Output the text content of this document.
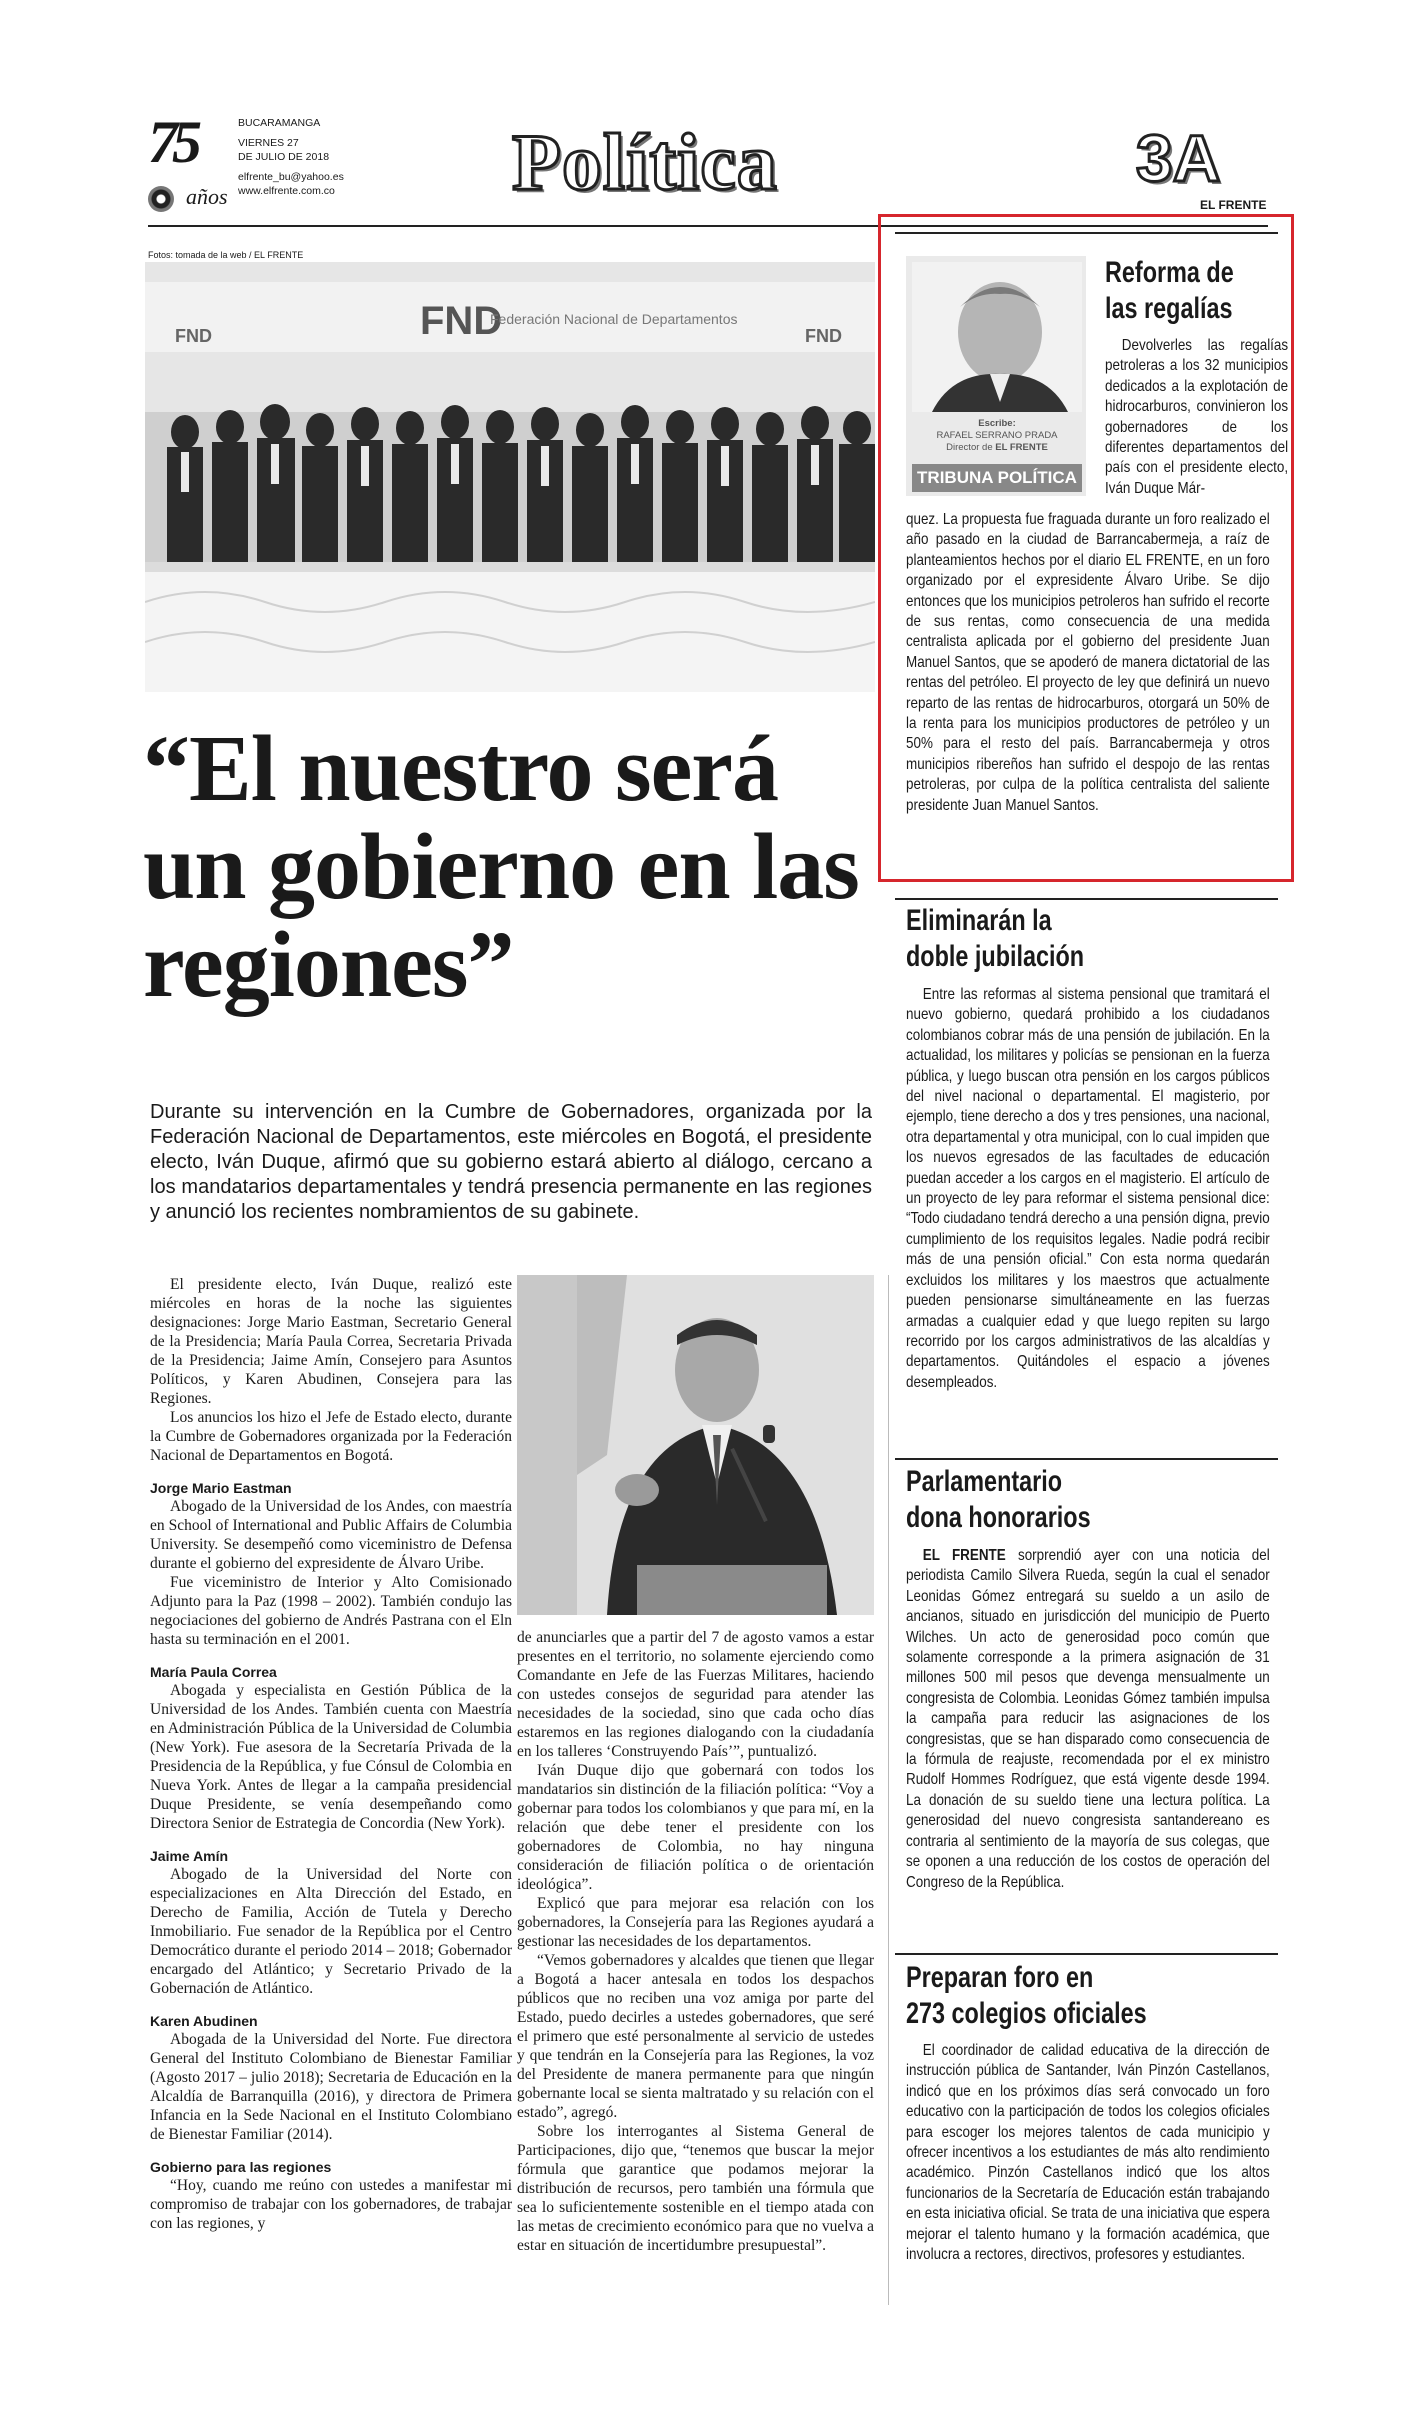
75
años
BUCARAMANGA
VIERNES 27
DE JULIO DE 2018
elfrente_bu@yahoo.es
www.elfrente.com.co Política	3A
EL FRENTE
Fotos: tomada de la web / EL FRENTE
FND
Federación Nacional de Departamentos
FND	FND
“El nuestro será un gobierno en las regiones”
Durante su intervención en la Cumbre de Gobernadores, organizada por la Federación Nacional de Departamentos, este miércoles en Bogotá, el presidente electo, Iván Duque, afirmó que su gobierno estará abierto al diálogo, cercano a los mandatarios departamentales y tendrá presencia permanente en las regiones y anunció los recientes nombramientos de su gabinete.

El presidente electo, Iván Duque, realizó este miércoles en horas de la noche las siguientes designaciones: Jorge Mario Eastman, Secretario General de la Presidencia; María Paula Correa, Secretaria Privada de la Presidencia; Jaime Amín, Consejero para Asuntos Políticos, y Karen Abudinen, Consejera para las Regiones.

Los anuncios los hizo el Jefe de Estado electo, durante la Cumbre de Gobernadores organizada por la Federación Nacional de Departamentos en Bogotá.

Jorge Mario Eastman

Abogado de la Universidad de los Andes, con maestría en School of International and Public Affairs de Columbia University. Se desempeñó como viceministro de Defensa durante el gobierno del expresidente de Álvaro Uribe.

Fue viceministro de Interior y Alto Comisionado Adjunto para la Paz (1998 – 2002). También condujo las negociaciones del gobierno de Andrés Pastrana con el Eln hasta su terminación en el 2001.

María Paula Correa

Abogada y especialista en Gestión Pública de la Universidad de los Andes. También cuenta con Maestría en Administración Pública de la Universidad de Columbia (New York). Fue asesora de la Secretaría Privada de la Presidencia de la República, y fue Cónsul de Colombia en Nueva York. Antes de llegar a la campaña presidencial Duque Presidente, se venía desempeñando como Directora Senior de Estrategia de Concordia (New York).

Jaime Amín

Abogado de la Universidad del Norte con especializaciones en Alta Dirección del Estado, en Derecho de Familia, Acción de Tutela y Derecho Inmobiliario. Fue senador de la República por el Centro Democrático durante el periodo 2014 – 2018; Gobernador encargado del Atlántico; y Secretario Privado de la Gobernación de Atlántico.

Karen Abudinen

Abogada de la Universidad del Norte. Fue directora General del Instituto Colombiano de Bienestar Familiar (Agosto 2017 – julio 2018); Secretaria de Educación en la Alcaldía de Barranquilla (2016), y directora de Primera Infancia en la Sede Nacional en el Instituto Colombiano de Bienestar Familiar (2014).

Gobierno para las regiones

“Hoy, cuando me reúno con ustedes a manifestar mi compromiso de trabajar con los gobernadores, de trabajar con las regiones, y

de anunciarles que a partir del 7 de agosto vamos a estar presentes en el territorio, no solamente ejerciendo como Comandante en Jefe de las Fuerzas Militares, haciendo con ustedes consejos de seguridad para atender las necesidades de la sociedad, sino que cada ocho días estaremos en las regiones dialogando con la ciudadanía en los talleres ‘Construyendo País’”, puntualizó.

Iván Duque dijo que gobernará con todos los mandatarios sin distinción de la filiación política: “Voy a gobernar para todos los colombianos y que para mí, en la relación que debe tener el presidente con los gobernadores de Colombia, no hay ninguna consideración de filiación política o de orientación ideológica”.

Explicó que para mejorar esa relación con los gobernadores, la Consejería para las Regiones ayudará a gestionar las necesidades de los departamentos.

“Vemos gobernadores y alcaldes que tienen que llegar a Bogotá a hacer antesala en todos los despachos públicos que no reciben una voz amiga por parte del Estado, puedo decirles a ustedes gobernadores, que seré el primero que esté personalmente al servicio de ustedes y que tendrán en la Consejería para las Regiones, la voz del Presidente de manera permanente para que ningún gobernante local se sienta maltratado y su relación con el estado”, agregó.

Sobre los interrogantes al Sistema General de Participaciones, dijo que, “tenemos que buscar la mejor fórmula que garantice que podamos mejorar la distribución de recursos, pero también una fórmula que sea lo suficientemente sostenible en el tiempo atada con las metas de crecimiento económico para que no vuelva a estar en situación de incertidumbre presupuestal”.

Escribe:
RAFAEL SERRANO PRADA
Director de EL FRENTE
TRIBUNA POLÍTICA
Reforma de
las regalías
Devolverles las regalías petroleras a los 32 municipios dedicados a la explotación de hidrocarburos, convinieron los gobernadores de los diferentes departamentos del país con el presidente electo, Iván Duque Már-
quez. La propuesta fue fraguada durante un foro realizado el año pasado en la ciudad de Barrancabermeja, a raíz de planteamientos hechos por el diario EL FRENTE, en un foro organizado por el expresidente Álvaro Uribe. Se dijo entonces que los municipios petroleros han sufrido el recorte de sus rentas, como consecuencia de una medida centralista aplicada por el gobierno del presidente Juan Manuel Santos, que se apoderó de manera dictatorial de las rentas del petróleo. El proyecto de ley que definirá un nuevo reparto de las rentas de hidrocarburos, otorgará un 50% de la renta para los municipios productores de petróleo y un 50% para el resto del país. Barrancabermeja y otros municipios ribereños han sufrido el despojo de las rentas petroleras, por culpa de la política centralista del saliente presidente Juan Manuel Santos.
Eliminarán la
doble jubilación
Entre las reformas al sistema pensional que tramitará el nuevo gobierno, quedará prohibido a los ciudadanos colombianos cobrar más de una pensión de jubilación. En la actualidad, los militares y policías se pensionan en la fuerza pública, y luego buscan otra pensión en los cargos públicos del nivel nacional o departamental. El magisterio, por ejemplo, tiene derecho a dos y tres pensiones, una nacional, otra departamental y otra municipal, con lo cual impiden que los nuevos egresados de las facultades de educación puedan acceder a los cargos en el magisterio. El artículo de un proyecto de ley para reformar el sistema pensional dice: “Todo ciudadano tendrá derecho a una pensión digna, previo cumplimiento de los requisitos legales. Nadie podrá recibir más de una pensión oficial.” Con esta norma quedarán excluidos los militares y los maestros que actualmente pueden pensionarse simultáneamente en las fuerzas armadas a cualquier edad y que luego repiten su largo recorrido por los cargos administrativos de las alcaldías y departamentos. Quitándoles el espacio a jóvenes desempleados.
Parlamentario
dona honorarios
EL FRENTE sorprendió ayer con una noticia del periodista Camilo Silvera Rueda, según la cual el senador Leonidas Gómez entregará su sueldo a un asilo de ancianos, situado en jurisdicción del municipio de Puerto Wilches. Un acto de generosidad poco común que solamente corresponde a la primera asignación de 31 millones 500 mil pesos que devenga mensualmente un congresista de Colombia. Leonidas Gómez también impulsa la campaña para reducir las asignaciones de los congresistas, que se han disparado como consecuencia de la fórmula de reajuste, recomendada por el ex ministro Rudolf Hommes Rodríguez, que está vigente desde 1994. La donación de su sueldo tiene una lectura política. La generosidad del nuevo congresista santandereano es contraria al sentimiento de la mayoría de sus colegas, que se oponen a una reducción de los costos de operación del Congreso de la República.
Preparan foro en
273 colegios oficiales
El coordinador de calidad educativa de la dirección de instrucción pública de Santander, Iván Pinzón Castellanos, indicó que en los próximos días será convocado un foro educativo con la participación de todos los colegios oficiales para escoger los mejores talentos de cada municipio y ofrecer incentivos a los estudiantes de más alto rendimiento académico. Pinzón Castellanos indicó que los altos funcionarios de la Secretaría de Educación están trabajando en esta iniciativa oficial. Se trata de una iniciativa que espera mejorar el talento humano y la formación académica, que involucra a rectores, directivos, profesores y estudiantes.
